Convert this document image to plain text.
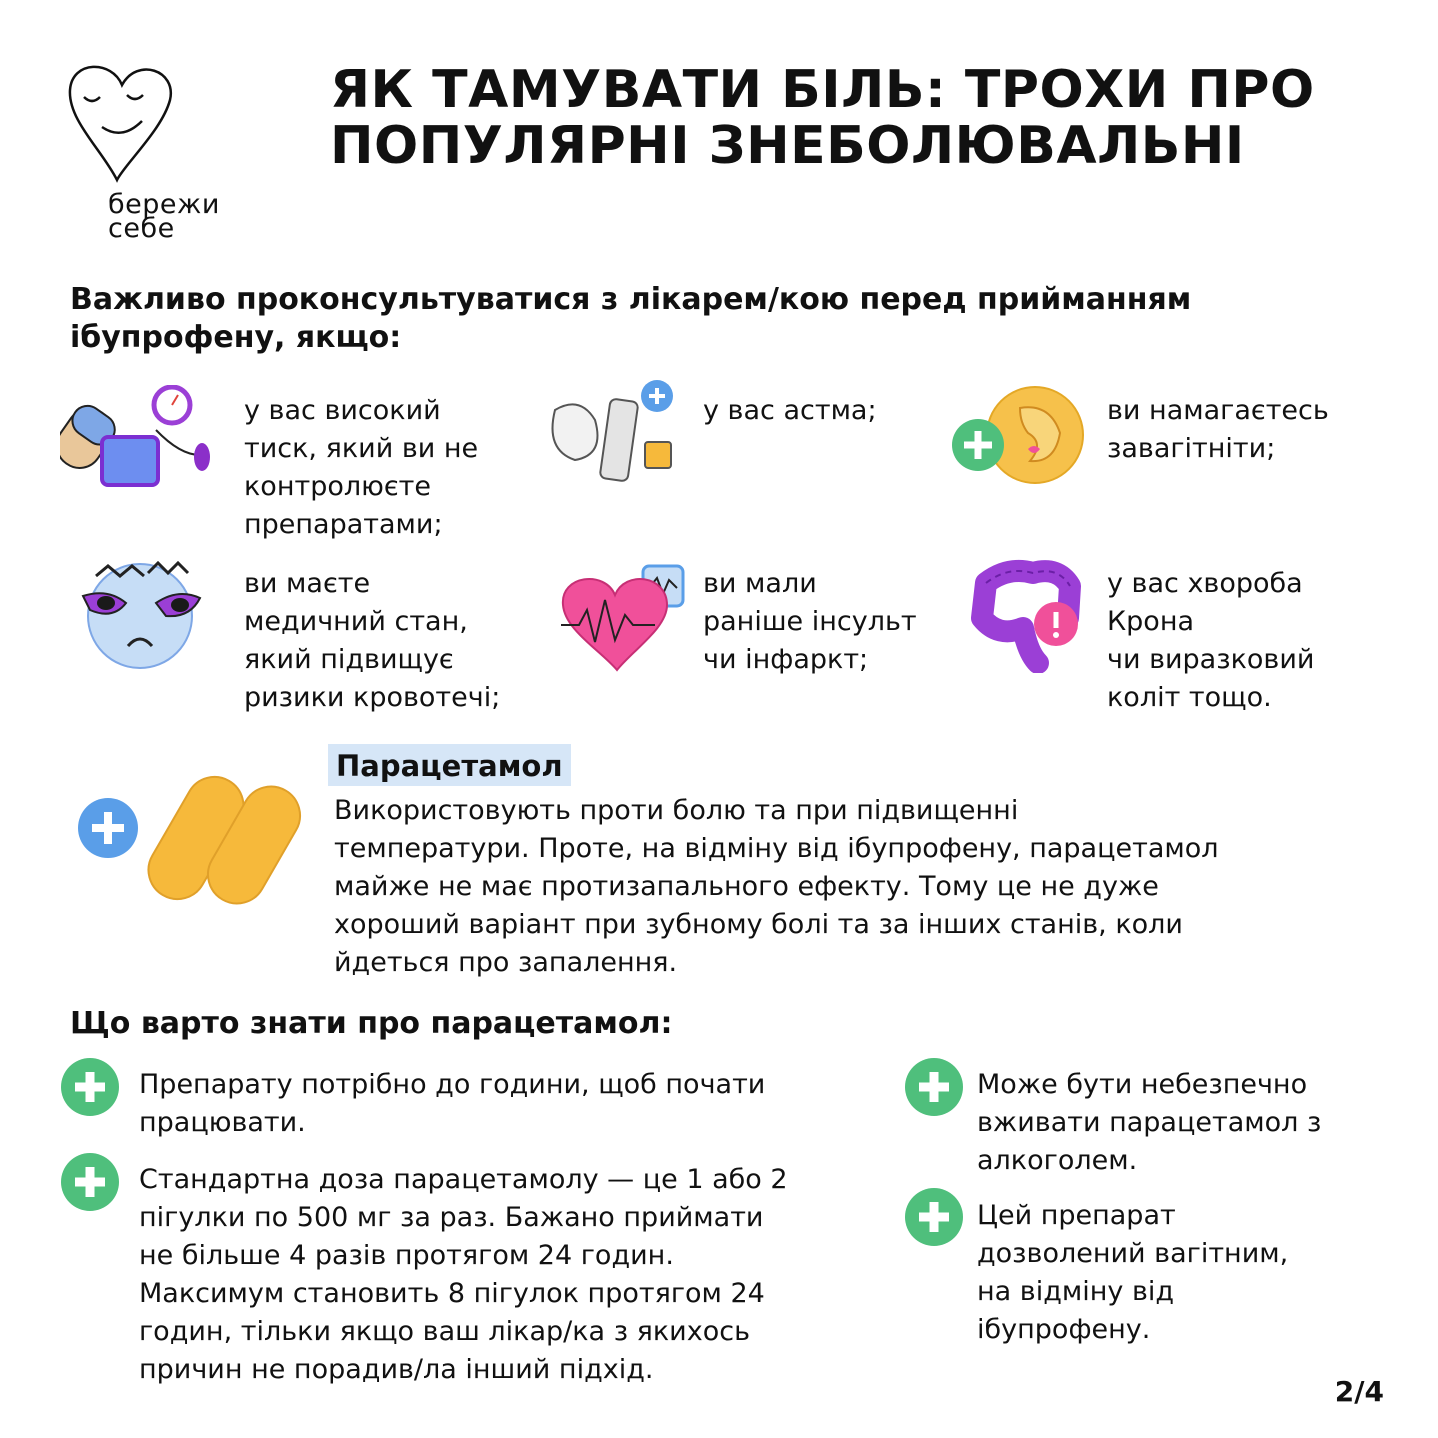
бережи
себе
ЯК ТАМУВАТИ БІЛЬ: ТРОХИ ПРО
ПОПУЛЯРНІ ЗНЕБОЛЮВАЛЬНІ
Важливо проконсультуватися з лікарем/кою перед прийманням
ібупрофену, якщо:
у вас високий
тиск, який ви не
контролюєте
препаратами;
у вас астма;	ви намагаєтесь
завагітніти;
ви маєте
медичний стан,
який підвищує
ризики кровотечі;
ви мали
раніше інсульт
чи інфаркт;
у вас хвороба
Крона
чи виразковий
коліт тощо.
Парацетамол
Використовують проти болю та при підвищенні
температури. Проте, на відміну від ібупрофену, парацетамол
майже не має протизапального ефекту. Тому це не дуже
хороший варіант при зубному болі та за інших станів, коли
йдеться про запалення.
Що варто знати про парацетамол:
Препарату потрібно до години, щоб почати
працювати.
Стандартна доза парацетамолу — це 1 або 2
пігулки по 500 мг за раз. Бажано приймати
не більше 4 разів протягом 24 годин.
Максимум становить 8 пігулок протягом 24
годин, тільки якщо ваш лікар/ка з якихось
причин не порадив/ла інший підхід.
Може бути небезпечно
вживати парацетамол з
алкоголем.
Цей препарат
дозволений вагітним,
на відміну від
ібупрофену.
2/4
